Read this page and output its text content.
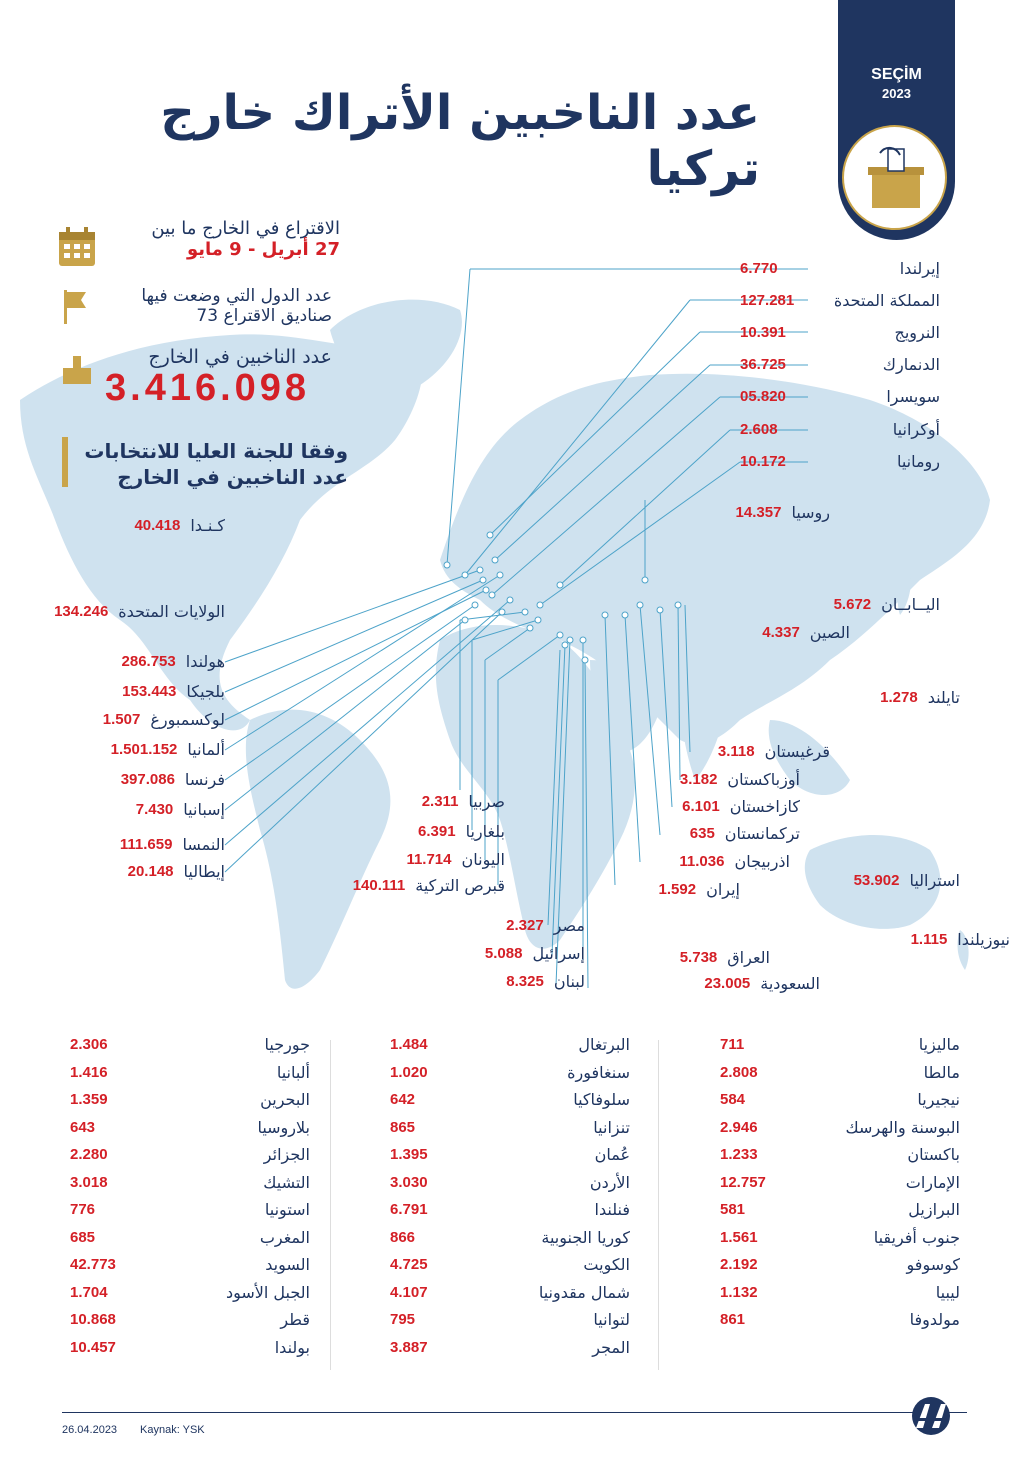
عدد الناخبين الأتراك خارج تركيا
SEÇİM
2023
الاقتراع في الخارج ما بين
27 أبريل - 9 مايو
عدد الدول التي وضعت فيها
صناديق الاقتراع 73
عدد الناخبين في الخارج
3.416.098
وفقا للجنة العليا للانتخابات
عدد الناخبين في الخارج
إيرلندا
6.770
المملكة المتحدة
127.281
النرويج
10.391
الدنمارك
36.725
سويسرا
05.820
أوكرانيا
2.608
رومانيا
10.172
كـنـدا
40.418
الولايات المتحدة
134.246
هولندا
286.753
بلجيكا
153.443
لوكسمبورغ
1.507
ألمانيا
1.501.152
فرنسا
397.086
إسبانيا
7.430
النمسا
111.659
إيطاليا
20.148
صربيا
2.311
بلغاريا
6.391
اليونان
11.714
قبرص التركية
140.111
مصر
2.327
إسرائيل
5.088
لبنان
8.325
روسيا
14.357
اليــابــان
5.672
الصين
4.337
تايلند
1.278
قرغيستان
3.118
أوزباكستان
3.182
كازاخستان
6.101
تركمانستان
635
اذربيجان
11.036
إيران
1.592	استراليا
53.902
نيوزيلندا
1.115
العراق
5.738
السعودية
23.005
ماليزيا
711
مالطا
2.808
نيجيريا
584
البوسنة والهرسك
2.946
باكستان
1.233
الإمارات
12.757
البرازيل
581
جنوب أفريقيا
1.561
كوسوفو
2.192
ليبيا
1.132
مولدوفا
861
البرتغال
1.484
سنغافورة
1.020
سلوفاكيا
642
تنزانيا
865
عُمان
1.395
الأردن
3.030
فنلندا
6.791
كوريا الجنوبية
866
الكويت
4.725
شمال مقدونيا
4.107
لتوانيا
795
المجر
3.887
جورجيا
2.306
ألبانيا
1.416
البحرين
1.359
بلاروسيا
643
الجزائر
2.280
التشيك
3.018
استونيا
776
المغرب
685
السويد
42.773
الجبل الأسود
1.704
قطر
10.868
بولندا
10.457
26.04.2023 Kaynak: YSK
